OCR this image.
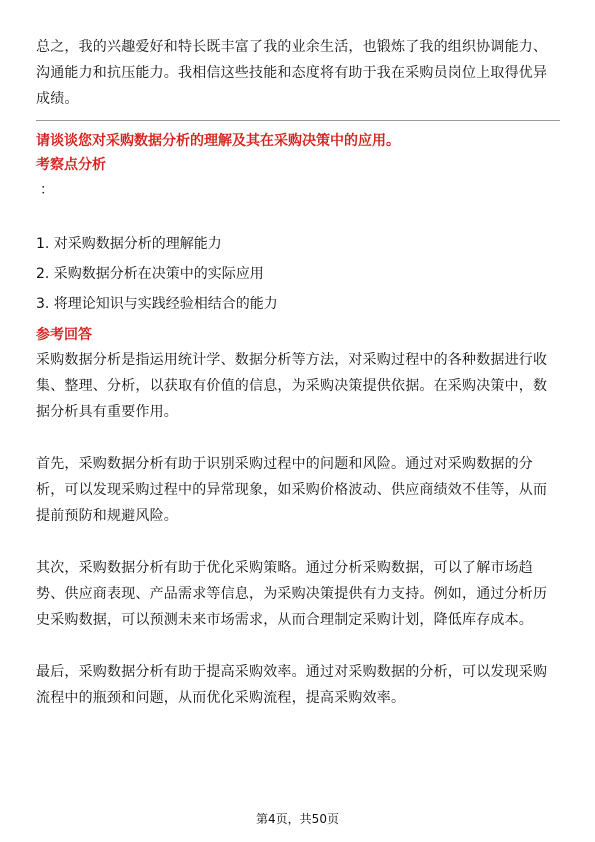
总之，我的兴趣爱好和特长既丰富了我的业余生活，也锻炼了我的组织协调能力、沟通能力和抗压能力。我相信这些技能和态度将有助于我在采购员岗位上取得优异成绩。

请谈谈您对采购数据分析的理解及其在采购决策中的应用。
考察点分析
：
1. 对采购数据分析的理解能力
2. 采购数据分析在决策中的实际应用
3. 将理论知识与实践经验相结合的能力
参考回答

采购数据分析是指运用统计学、数据分析等方法，对采购过程中的各种数据进行收集、整理、分析，以获取有价值的信息，为采购决策提供依据。在采购决策中，数据分析具有重要作用。

首先，采购数据分析有助于识别采购过程中的问题和风险。通过对采购数据的分析，可以发现采购过程中的异常现象，如采购价格波动、供应商绩效不佳等，从而提前预防和规避风险。

其次，采购数据分析有助于优化采购策略。通过分析采购数据，可以了解市场趋势、供应商表现、产品需求等信息，为采购决策提供有力支持。例如，通过分析历史采购数据，可以预测未来市场需求，从而合理制定采购计划，降低库存成本。

最后，采购数据分析有助于提高采购效率。通过对采购数据的分析，可以发现采购流程中的瓶颈和问题，从而优化采购流程，提高采购效率。

第4页，共50页
